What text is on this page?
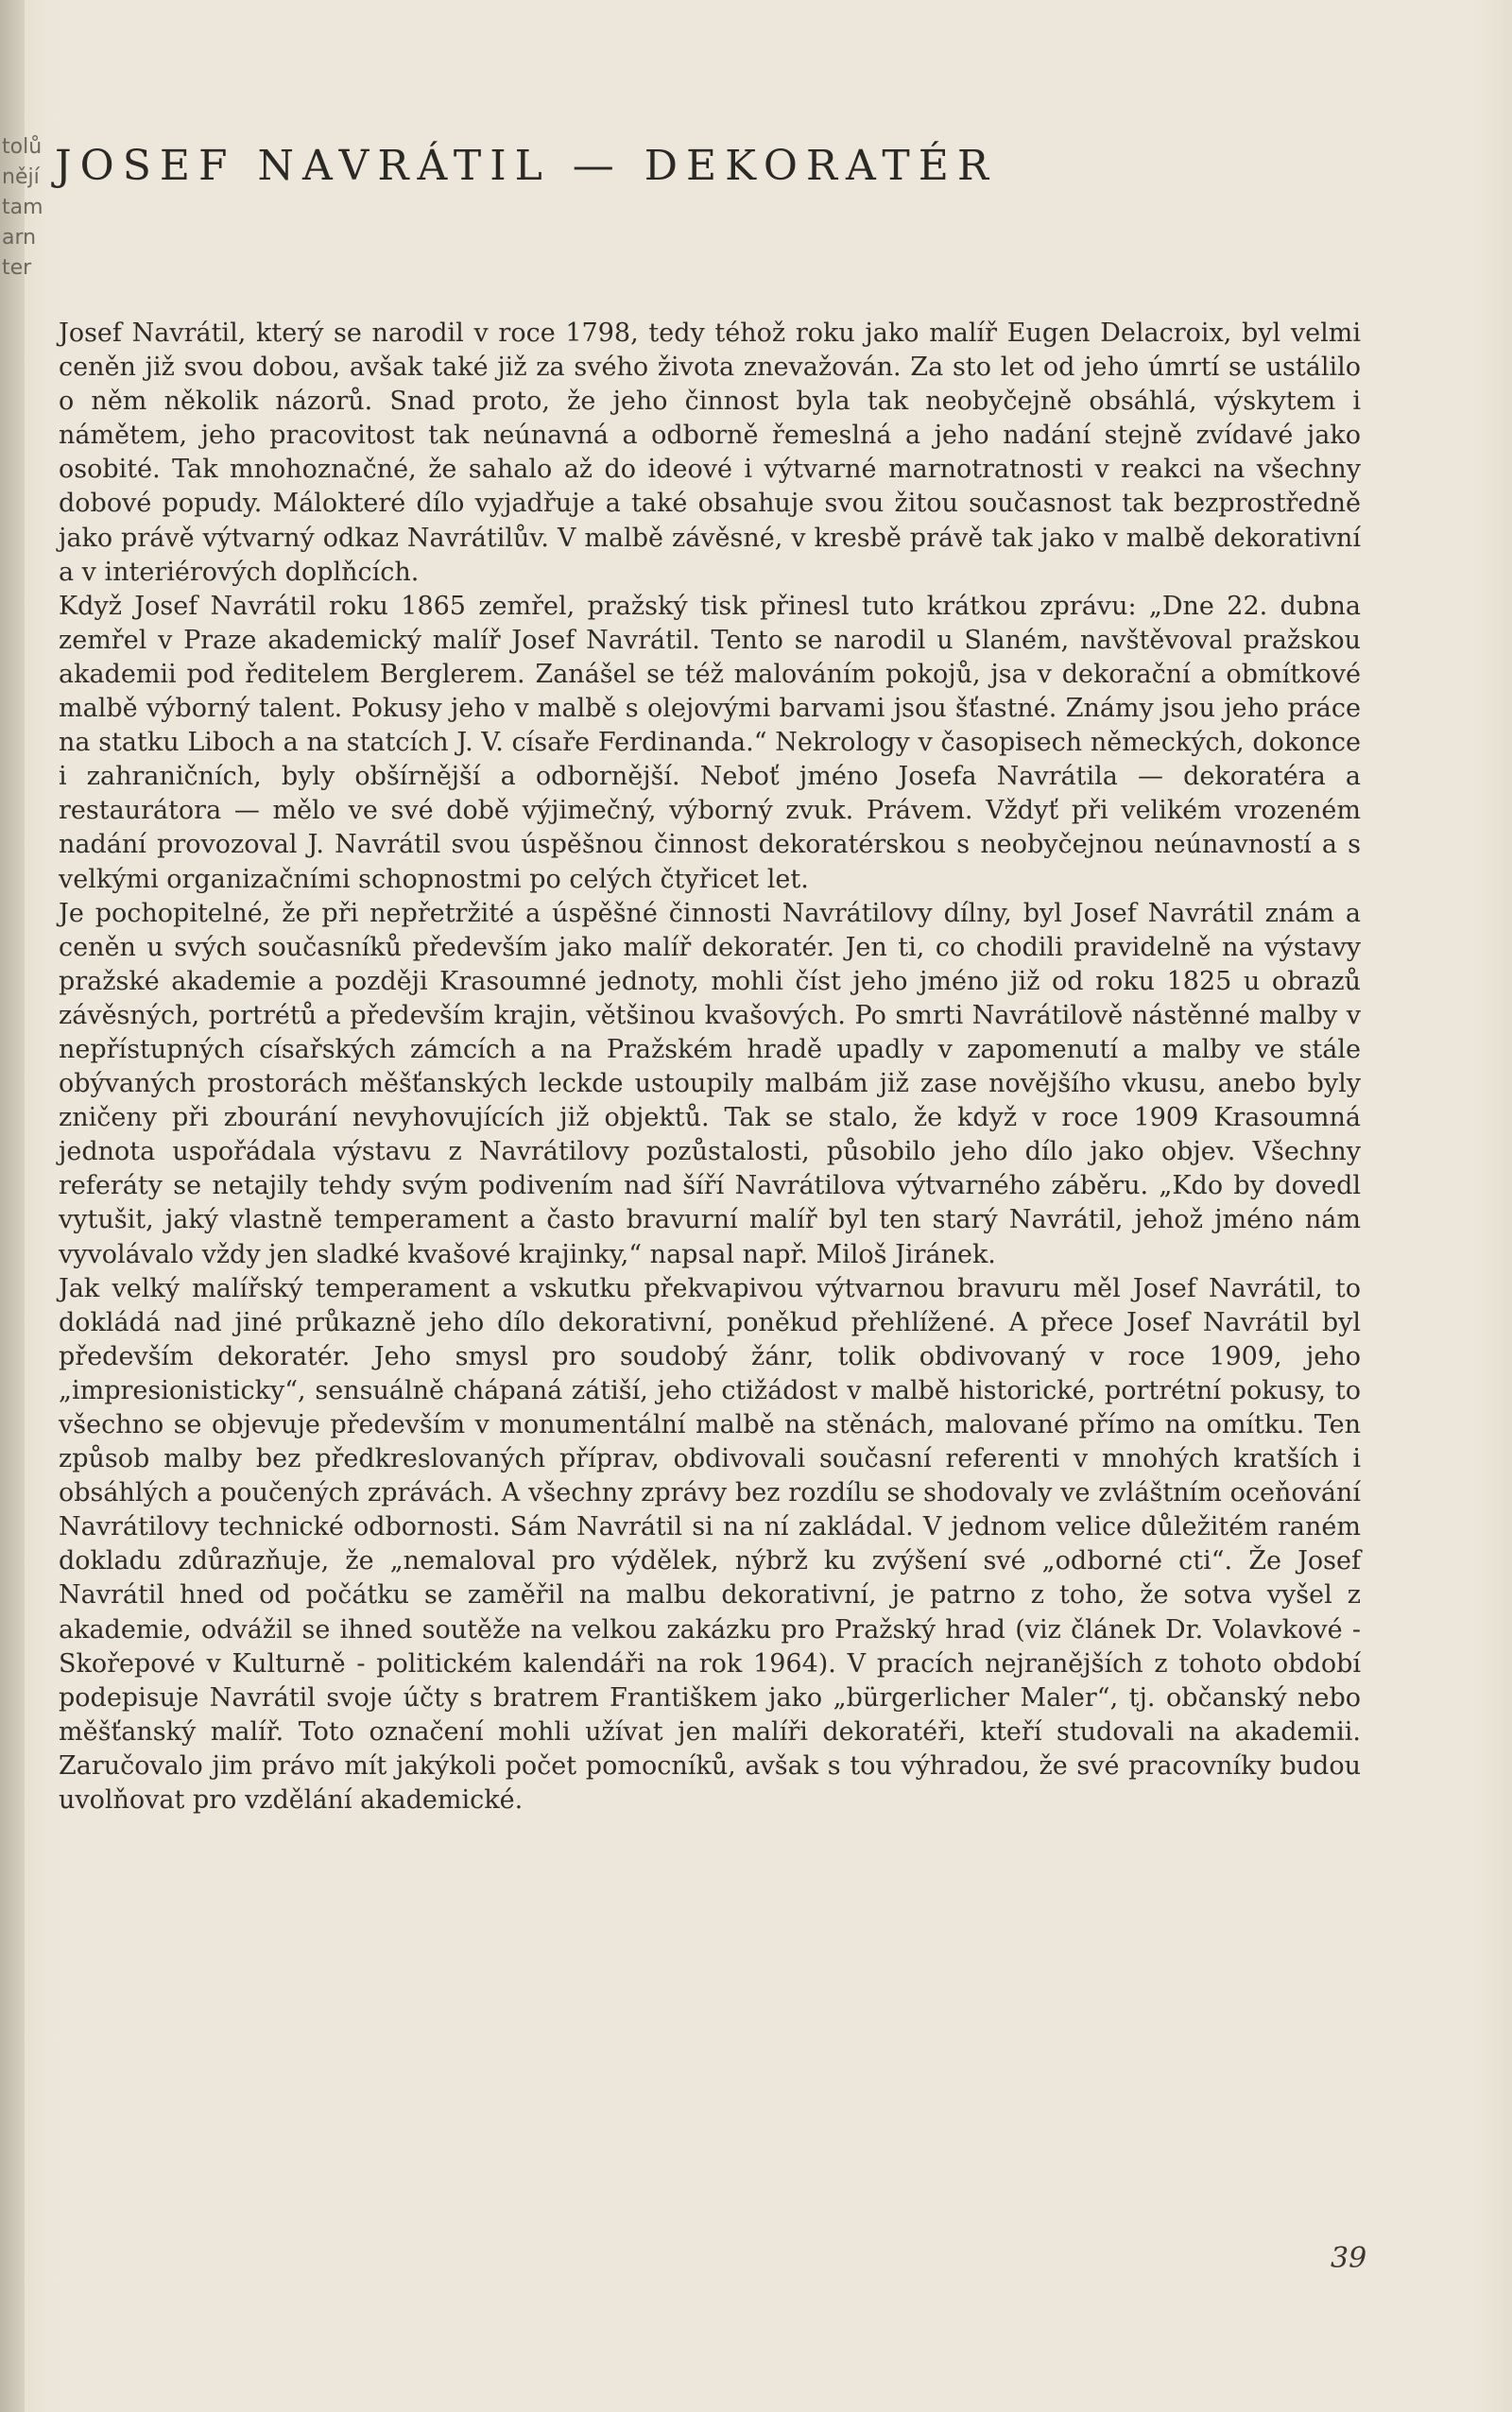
tolů
nějí
tam
arn
ter
JOSEF NAVRÁTIL — DEKORATÉR

Josef Navrátil, který se narodil v roce 1798, tedy téhož roku jako malíř Eugen Delacroix, byl velmi ceněn již svou dobou, avšak také již za svého života znevažován. Za sto let od jeho úmrtí se ustálilo o něm několik názorů. Snad proto, že jeho činnost byla tak neobyčejně obsáhlá, výskytem i námětem, jeho pracovitost tak neúnavná a odborně řemeslná a jeho nadání stejně zvídavé jako osobité. Tak mnohoznačné, že sahalo až do ideové i výtvarné marnotratnosti v reakci na všechny dobové popudy. Málokteré dílo vyjadřuje a také obsahuje svou žitou současnost tak bezprostředně jako právě výtvarný odkaz Navrátilův. V malbě závěsné, v kresbě právě tak jako v malbě dekorativní a v interiérových doplňcích.

Když Josef Navrátil roku 1865 zemřel, pražský tisk přinesl tuto krátkou zprávu: „Dne 22. dubna zemřel v Praze akademický malíř Josef Navrátil. Tento se narodil u Slaném, navštěvoval pražskou akademii pod ředitelem Berglerem. Zanášel se též malováním pokojů, jsa v dekorační a obmítkové malbě výborný talent. Pokusy jeho v malbě s olejovými barvami jsou šťastné. Známy jsou jeho práce na statku Liboch a na statcích J. V. císaře Ferdinanda.“ Nekrology v časopisech německých, dokonce i zahraničních, byly obšírnější a odbornější. Neboť jméno Josefa Navrátila — dekoratéra a restaurátora — mělo ve své době výjimečný, výborný zvuk. Právem. Vždyť při velikém vrozeném nadání provozoval J. Navrátil svou úspěšnou činnost dekoratérskou s neobyčejnou neúnavností a s velkými organizačními schopnostmi po celých čtyřicet let.

Je pochopitelné, že při nepřetržité a úspěšné činnosti Navrátilovy dílny, byl Josef Navrátil znám a ceněn u svých současníků především jako malíř dekoratér. Jen ti, co chodili pravidelně na výstavy pražské akademie a později Krasoumné jednoty, mohli číst jeho jméno již od roku 1825 u obrazů závěsných, portrétů a především krajin, většinou kvašových. Po smrti Navrátilově nástěnné malby v nepřístupných císařských zámcích a na Pražském hradě upadly v zapomenutí a malby ve stále obývaných prostorách měšťanských leckde ustoupily malbám již zase novějšího vkusu, anebo byly zničeny při zbourání nevyhovujících již objektů. Tak se stalo, že když v roce 1909 Krasoumná jednota uspořádala výstavu z Navrátilovy pozůstalosti, působilo jeho dílo jako objev. Všechny referáty se netajily tehdy svým podivením nad šíří Navrátilova výtvarného záběru. „Kdo by dovedl vytušit, jaký vlastně temperament a často bravurní malíř byl ten starý Navrátil, jehož jméno nám vyvolávalo vždy jen sladké kvašové krajinky,“ napsal např. Miloš Jiránek.

Jak velký malířský temperament a vskutku překvapivou výtvarnou bravuru měl Josef Navrátil, to dokládá nad jiné průkazně jeho dílo dekorativní, poněkud přehlížené. A přece Josef Navrátil byl především dekoratér. Jeho smysl pro soudobý žánr, tolik obdivovaný v roce 1909, jeho „impresionisticky“, sensuálně chápaná zátiší, jeho ctižádost v malbě historické, portrétní pokusy, to všechno se objevuje především v monumentální malbě na stěnách, malované přímo na omítku. Ten způsob malby bez předkreslovaných příprav, obdivovali současní referenti v mnohých kratších i obsáhlých a poučených zprávách. A všechny zprávy bez rozdílu se shodovaly ve zvláštním oceňování Navrátilovy technické odbornosti. Sám Navrátil si na ní zakládal. V jednom velice důležitém raném dokladu zdůrazňuje, že „nemaloval pro výdělek, nýbrž ku zvýšení své „odborné cti“. Že Josef Navrátil hned od počátku se zaměřil na malbu dekorativní, je patrno z toho, že sotva vyšel z akademie, odvážil se ihned soutěže na velkou zakázku pro Pražský hrad (viz článek Dr. Volavkové - Skořepové v Kulturně - politickém kalendáři na rok 1964). V pracích nejranějších z tohoto období podepisuje Navrátil svoje účty s bratrem Františkem jako „bürgerlicher Maler“, tj. občanský nebo měšťanský malíř. Toto označení mohli užívat jen malíři dekoratéři, kteří studovali na akademii. Zaručovalo jim právo mít jakýkoli počet pomocníků, avšak s tou výhradou, že své pracovníky budou uvolňovat pro vzdělání akademické.

39
